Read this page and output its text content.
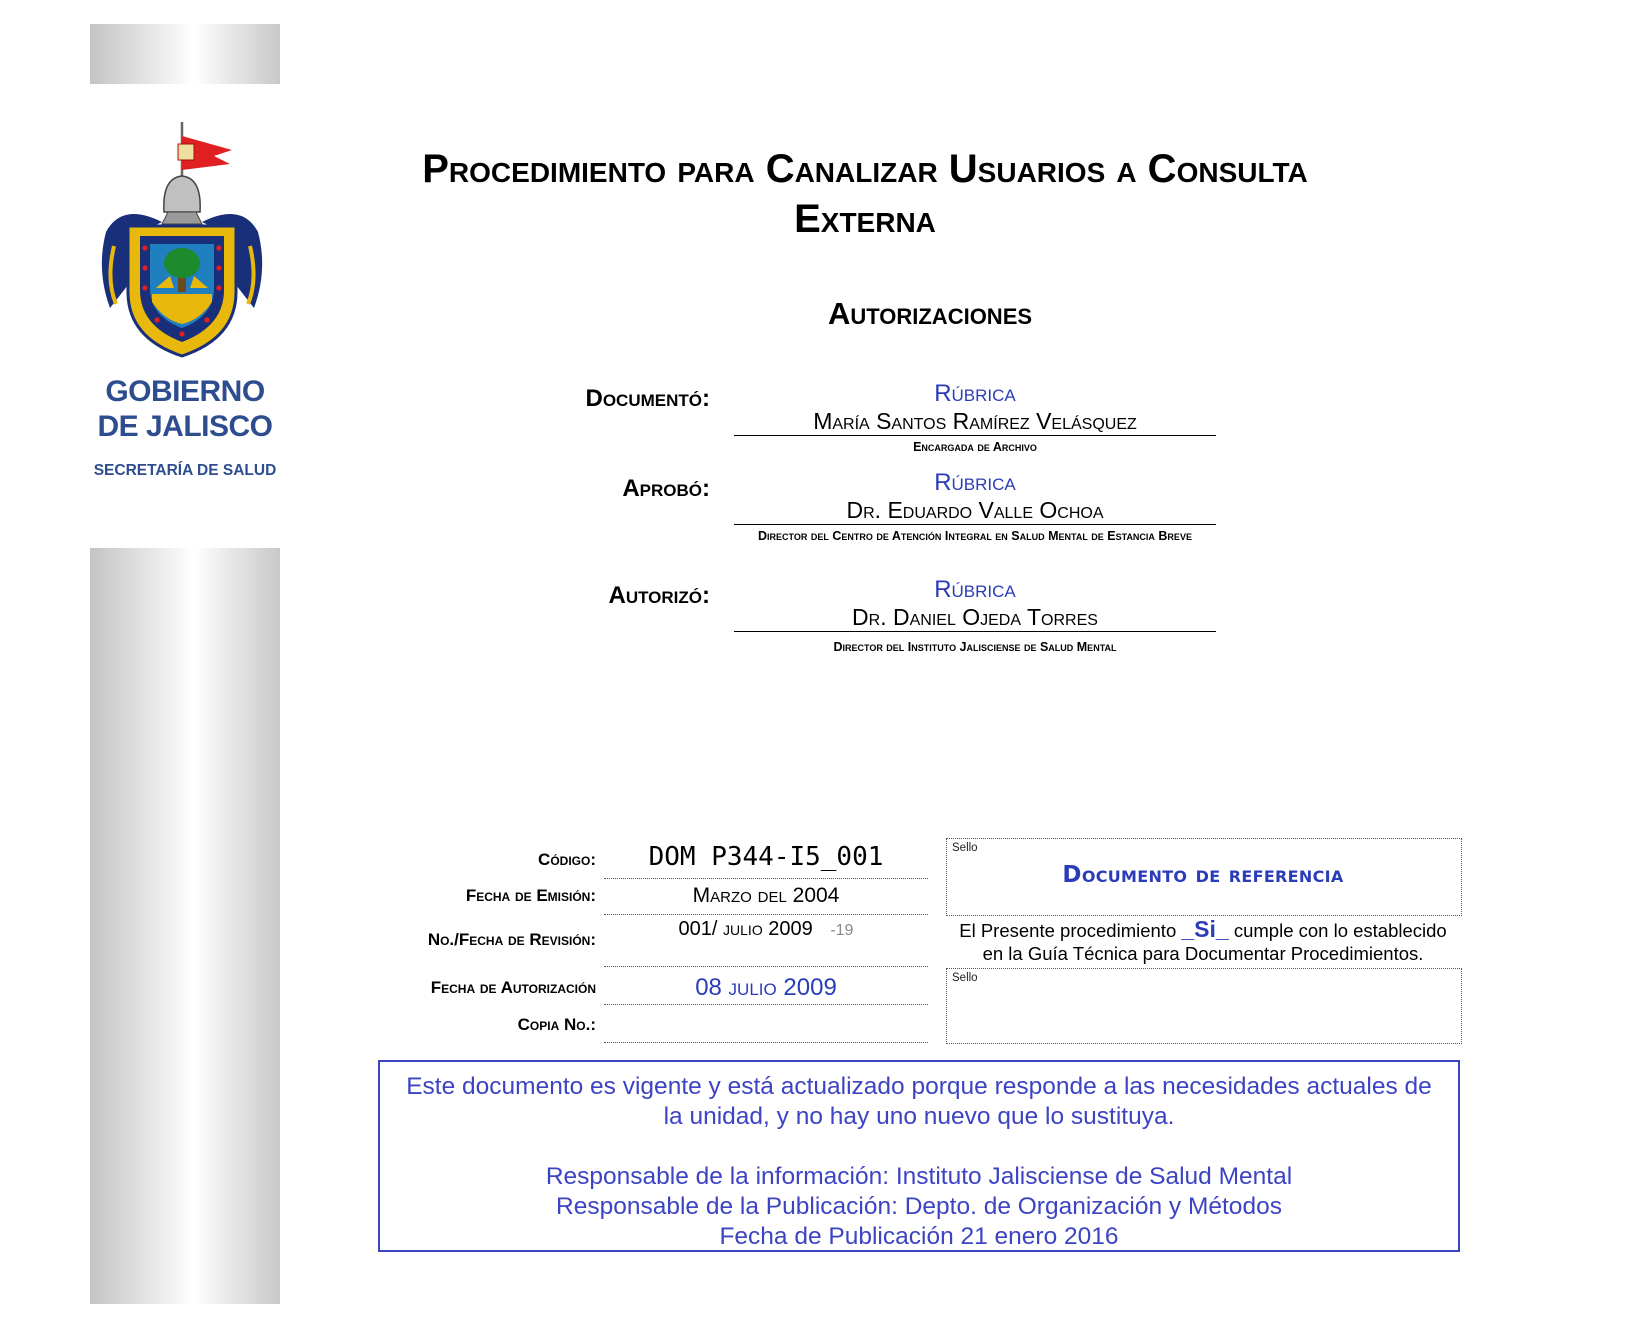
GOBIERNO
DE JALISCO
SECRETARÍA DE SALUD
Procedimiento para Canalizar Usuarios a Consulta
Externa
Autorizaciones
Documentó:	Rúbrica
María Santos Ramírez Velásquez
Encargada de Archivo
Aprobó:	Rúbrica
Dr. Eduardo Valle Ochoa
Director del Centro de Atención Integral en Salud Mental de Estancia Breve
Autorizó:	Rúbrica
Dr. Daniel Ojeda Torres
Director del Instituto Jalisciense de Salud Mental
Código:	DOM P344-I5_001
Fecha de Emisión:	Marzo del 2004
No./Fecha de Revisión:	001/ julio 2009 -19
Fecha de Autorización	08 julio 2009
Copia No.:
Sello
Documento de referencia
El Presente procedimiento _Si_ cumple con lo establecido
en la Guía Técnica para Documentar Procedimientos.
Sello
Este documento es vigente y está actualizado porque responde a las necesidades actuales de
la unidad, y no hay uno nuevo que lo sustituya.
Responsable de la información: Instituto Jalisciense de Salud Mental
Responsable de la Publicación: Depto. de Organización y Métodos
Fecha de Publicación 21 enero 2016
